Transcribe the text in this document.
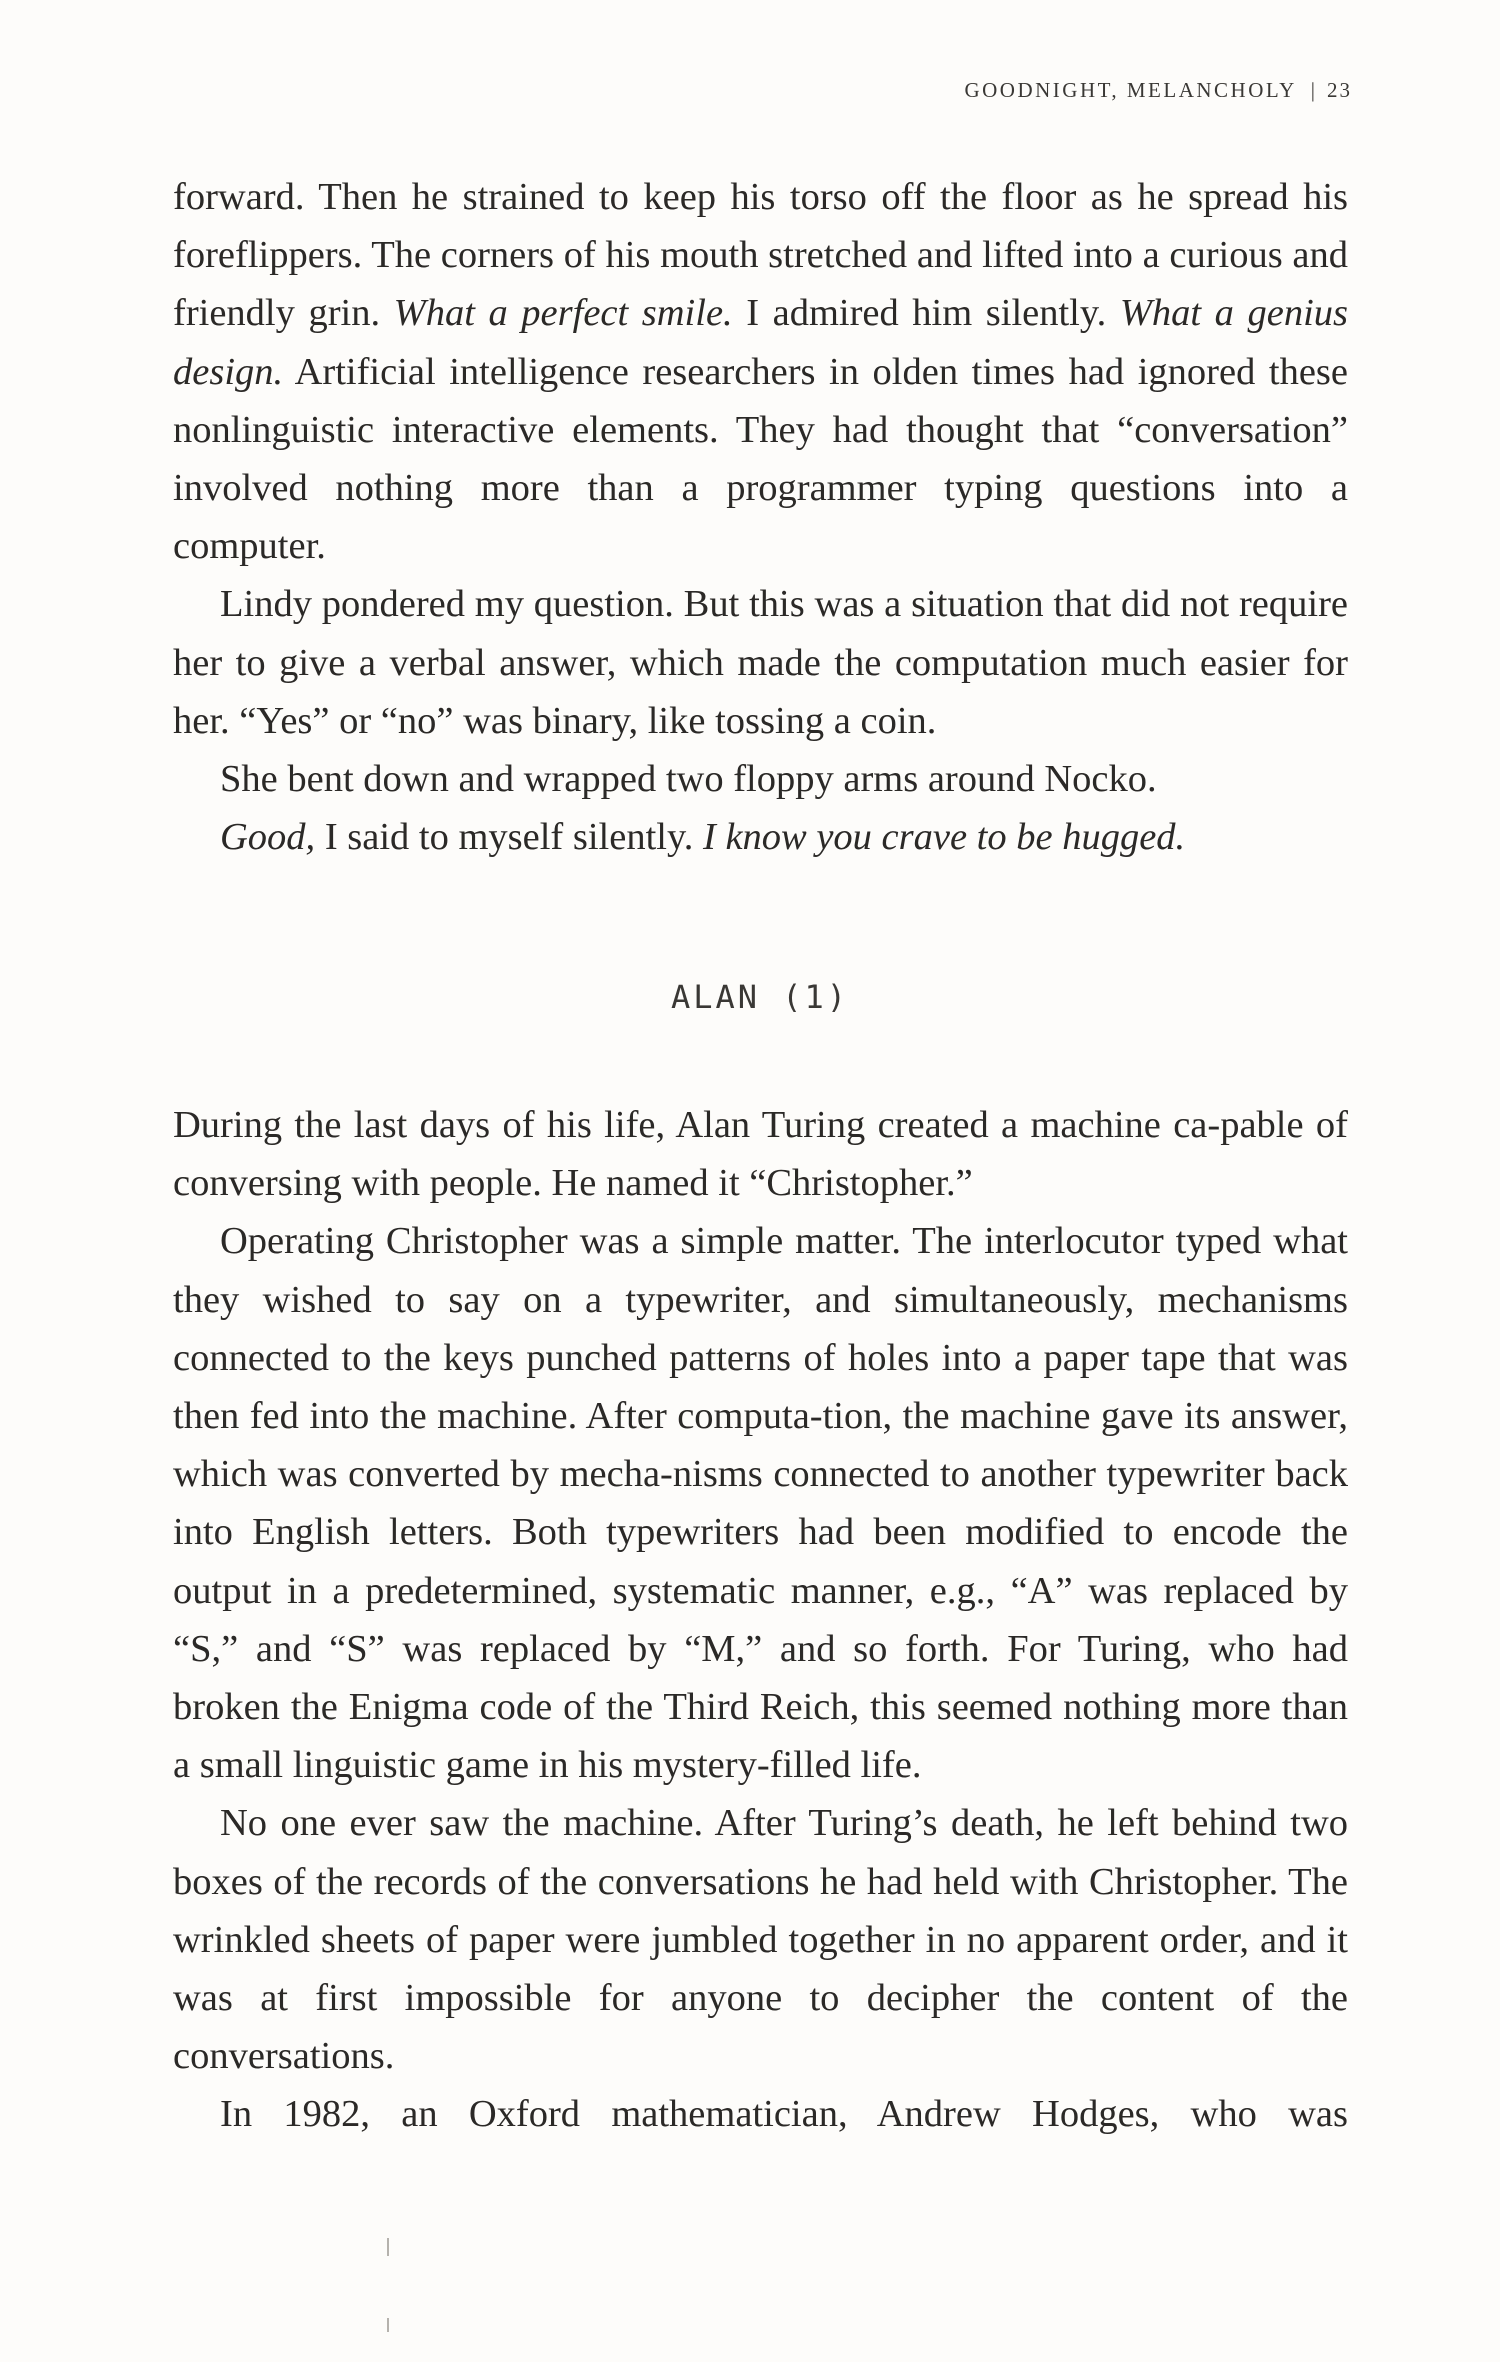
GOODNIGHT, MELANCHOLY | 23

forward. Then he strained to keep his torso off the floor as he spread his foreflippers. The corners of his mouth stretched and lifted into a curious and friendly grin. What a perfect smile. I admired him silently. What a genius design. Artificial intelligence researchers in olden times had ignored these nonlinguistic interactive elements. They had thought that “conversation” involved nothing more than a programmer typing questions into a computer.

Lindy pondered my question. But this was a situation that did not require her to give a verbal answer, which made the computation much easier for her. “Yes” or “no” was binary, like tossing a coin.

She bent down and wrapped two floppy arms around Nocko.

Good, I said to myself silently. I know you crave to be hugged.

ALAN (1)

During the last days of his life, Alan Turing created a machine ca-pable of conversing with people. He named it “Christopher.”

Operating Christopher was a simple matter. The interlocutor typed what they wished to say on a typewriter, and simultaneously, mechanisms connected to the keys punched patterns of holes into a paper tape that was then fed into the machine. After computa-tion, the machine gave its answer, which was converted by mecha-nisms connected to another typewriter back into English letters. Both typewriters had been modified to encode the output in a predetermined, systematic manner, e.g., “A” was replaced by “S,” and “S” was replaced by “M,” and so forth. For Turing, who had broken the Enigma code of the Third Reich, this seemed nothing more than a small linguistic game in his mystery-filled life.

No one ever saw the machine. After Turing’s death, he left behind two boxes of the records of the conversations he had held with Christopher. The wrinkled sheets of paper were jumbled together in no apparent order, and it was at first impossible for anyone to decipher the content of the conversations.

In 1982, an Oxford mathematician, Andrew Hodges, who was
